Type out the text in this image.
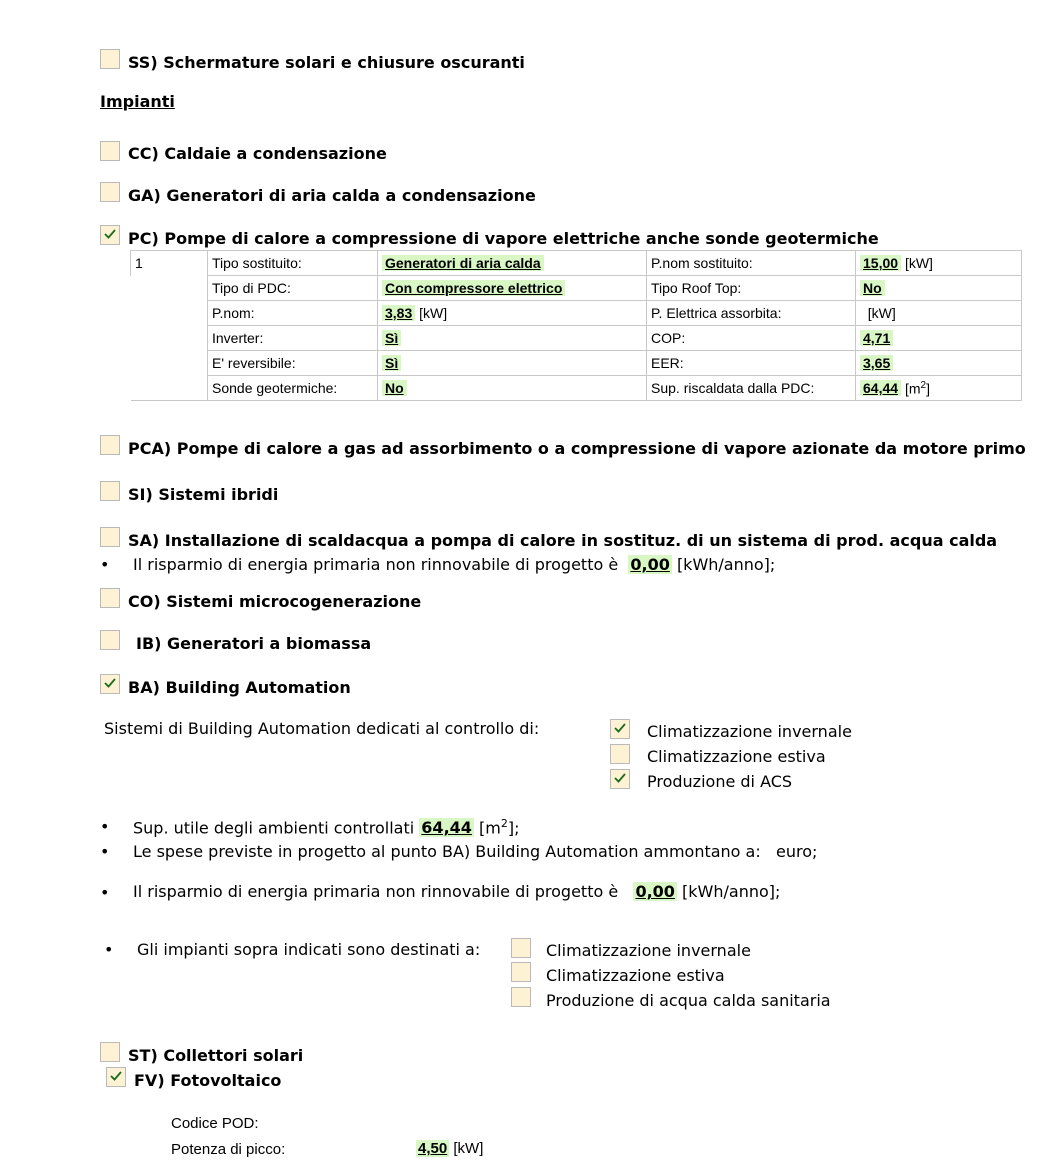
SS) Schermature solari e chiusure oscuranti
Impianti
CC) Caldaie a condensazione
GA) Generatori di aria calda a condensazione
PC) Pompe di calore a compressione di vapore elettriche anche sonde geotermiche
1	Tipo sostituito:	Generatori di aria calda	P.nom sostituito:	15,00 [kW]
	Tipo di PDC:	Con compressore elettrico	Tipo Roof Top:	No
	P.nom:	3,83 [kW]	P. Elettrica assorbita:	[kW]
	Inverter:	Sì	COP:	4,71
	E' reversibile:	Sì	EER:	3,65
	Sonde geotermiche:	No	Sup. riscaldata dalla PDC:	64,44 $[m^2]$
PCA) Pompe di calore a gas ad assorbimento o a compressione di vapore azionate da motore primo
SI) Sistemi ibridi
SA) Installazione di scaldacqua a pompa di calore in sostituz. di un sistema di prod. acqua calda
• Il risparmio di energia primaria non rinnovabile di progetto è 0,00 [kWh/anno];
CO) Sistemi microcogenerazione
IB) Generatori a biomassa
BA) Building Automation
Sistemi di Building Automation dedicati al controllo di:	Climatizzazione invernale
Climatizzazione estiva
Produzione di ACS
• Sup. utile degli ambienti controllati 64,44 $[m^2]$;
• Le spese previste in progetto al punto BA) Building Automation ammontano a: euro;
• Il risparmio di energia primaria non rinnovabile di progetto è 0,00 [kWh/anno];
• Gli impianti sopra indicati sono destinati a:	Climatizzazione invernale
Climatizzazione estiva
Produzione di acqua calda sanitaria
ST) Collettori solari
FV) Fotovoltaico
Codice POD:
Potenza di picco:	4,50 [kW]
